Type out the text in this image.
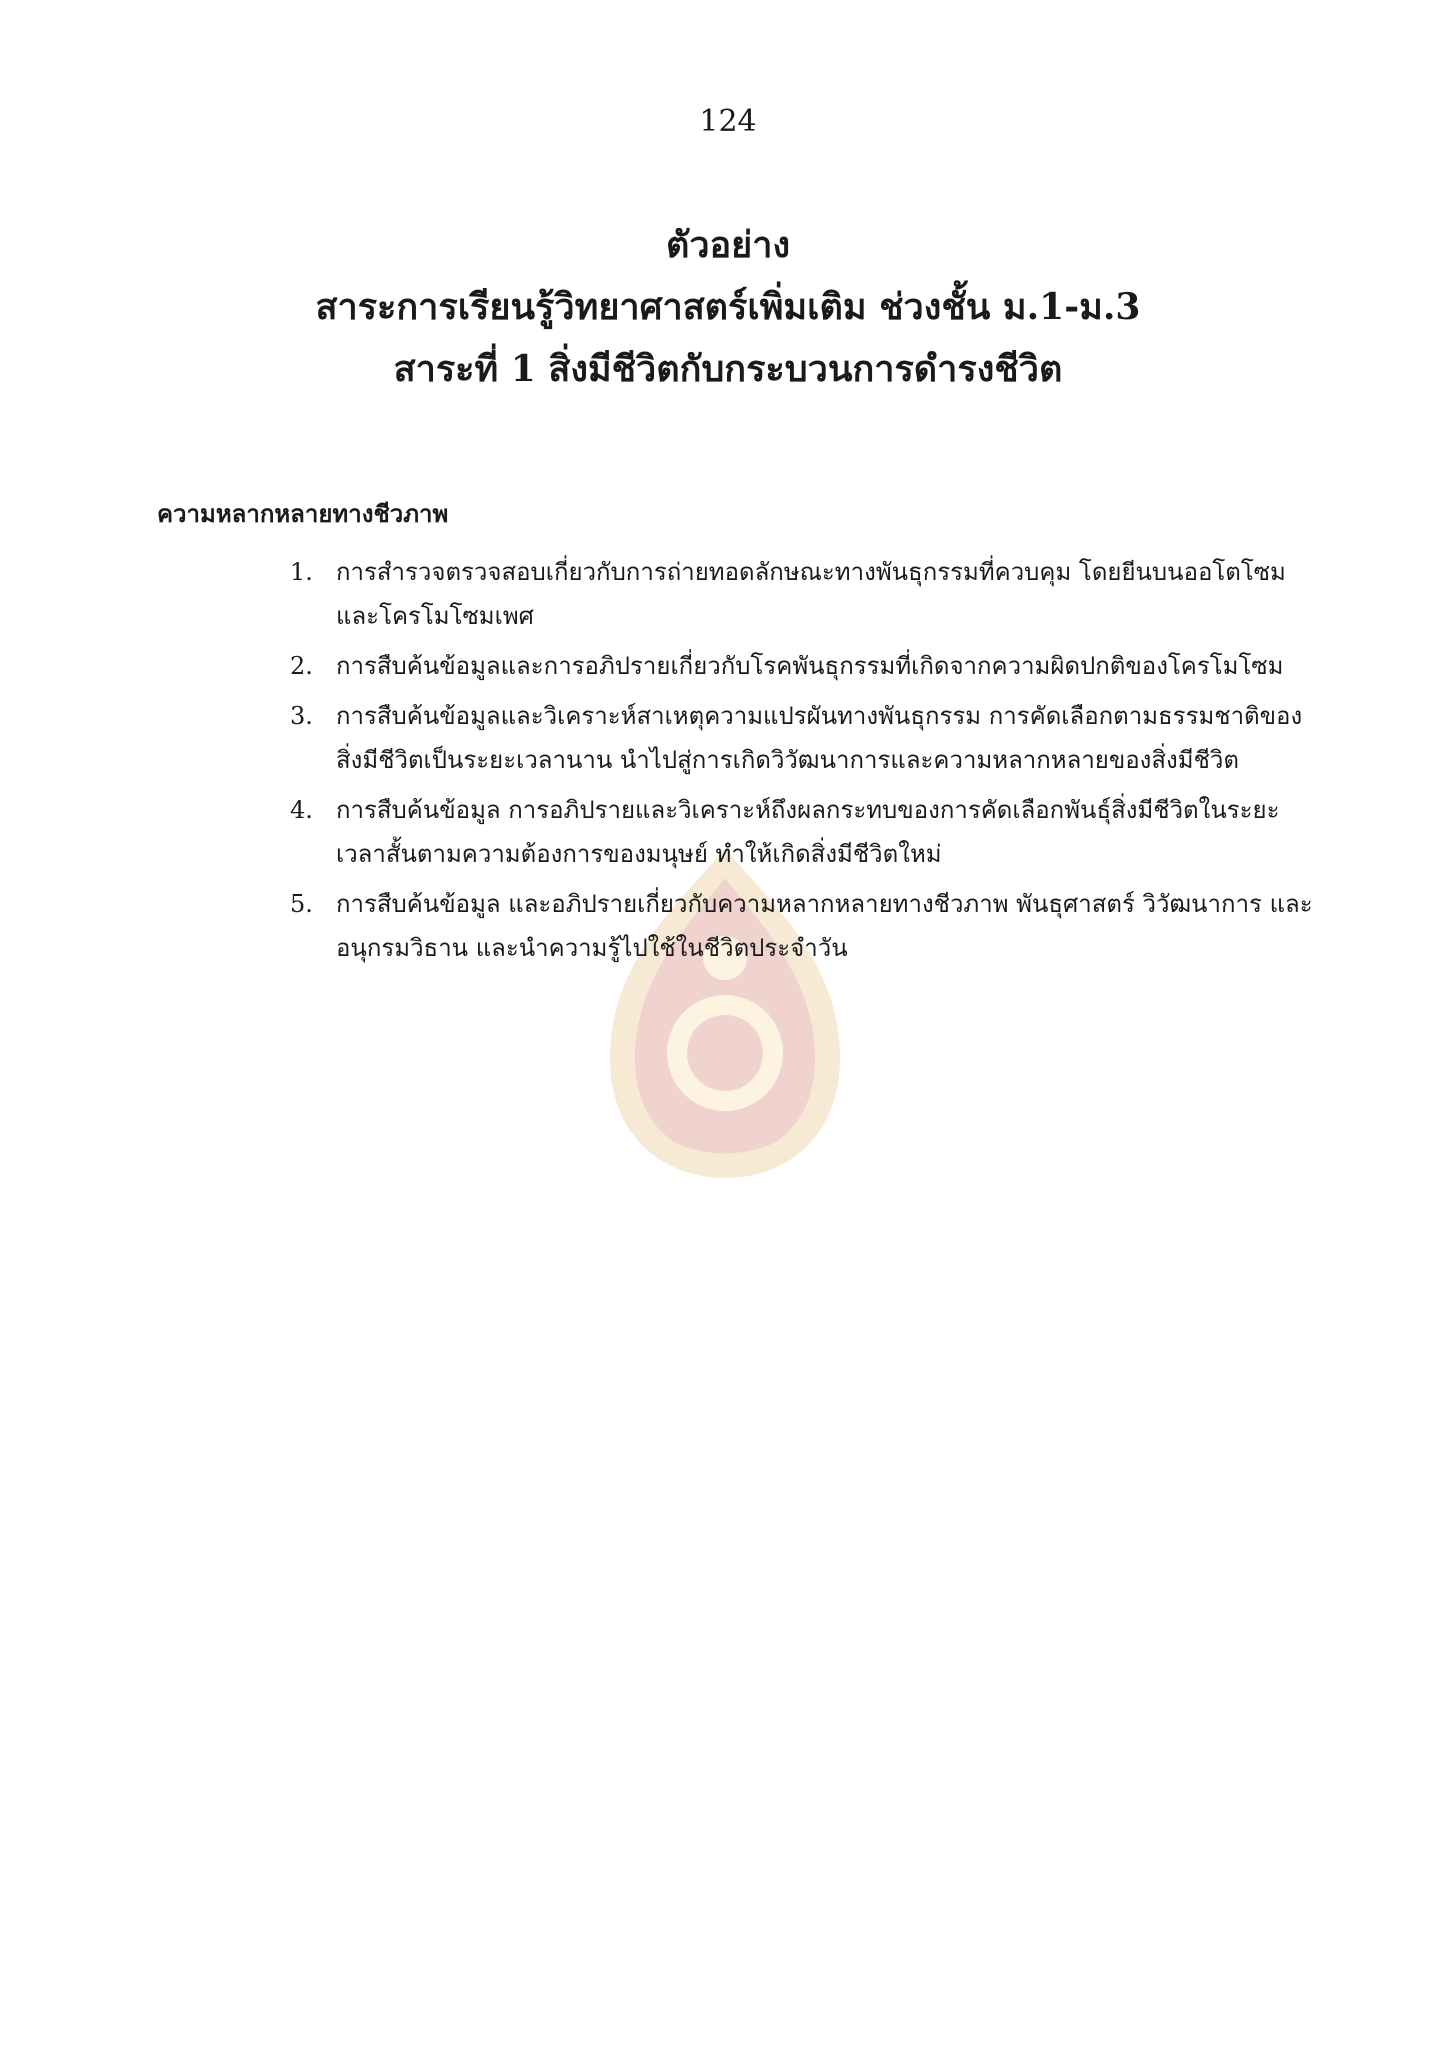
124
ตัวอย่าง
สาระการเรียนรู้วิทยาศาสตร์เพิ่มเติม ช่วงชั้น ม.1-ม.3
สาระที่ 1 สิ่งมีชีวิตกับกระบวนการดำรงชีวิต
ความหลากหลายทางชีวภาพ
1. การสำรวจตรวจสอบเกี่ยวกับการถ่ายทอดลักษณะทางพันธุกรรมที่ควบคุม โดยยีนบนออโตโซมและโครโมโซมเพศ
2. การสืบค้นข้อมูลและการอภิปรายเกี่ยวกับโรคพันธุกรรมที่เกิดจากความผิดปกติของโครโมโซม
3. การสืบค้นข้อมูลและวิเคราะห์สาเหตุความแปรผันทางพันธุกรรม การคัดเลือกตามธรรมชาติของสิ่งมีชีวิตเป็นระยะเวลานาน นำไปสู่การเกิดวิวัฒนาการและความหลากหลายของสิ่งมีชีวิต
4. การสืบค้นข้อมูล การอภิปรายและวิเคราะห์ถึงผลกระทบของการคัดเลือกพันธุ์สิ่งมีชีวิตในระยะเวลาสั้นตามความต้องการของมนุษย์ ทำให้เกิดสิ่งมีชีวิตใหม่
5. การสืบค้นข้อมูล และอภิปรายเกี่ยวกับความหลากหลายทางชีวภาพ พันธุศาสตร์ วิวัฒนาการ และอนุกรมวิธาน และนำความรู้ไปใช้ในชีวิตประจำวัน
